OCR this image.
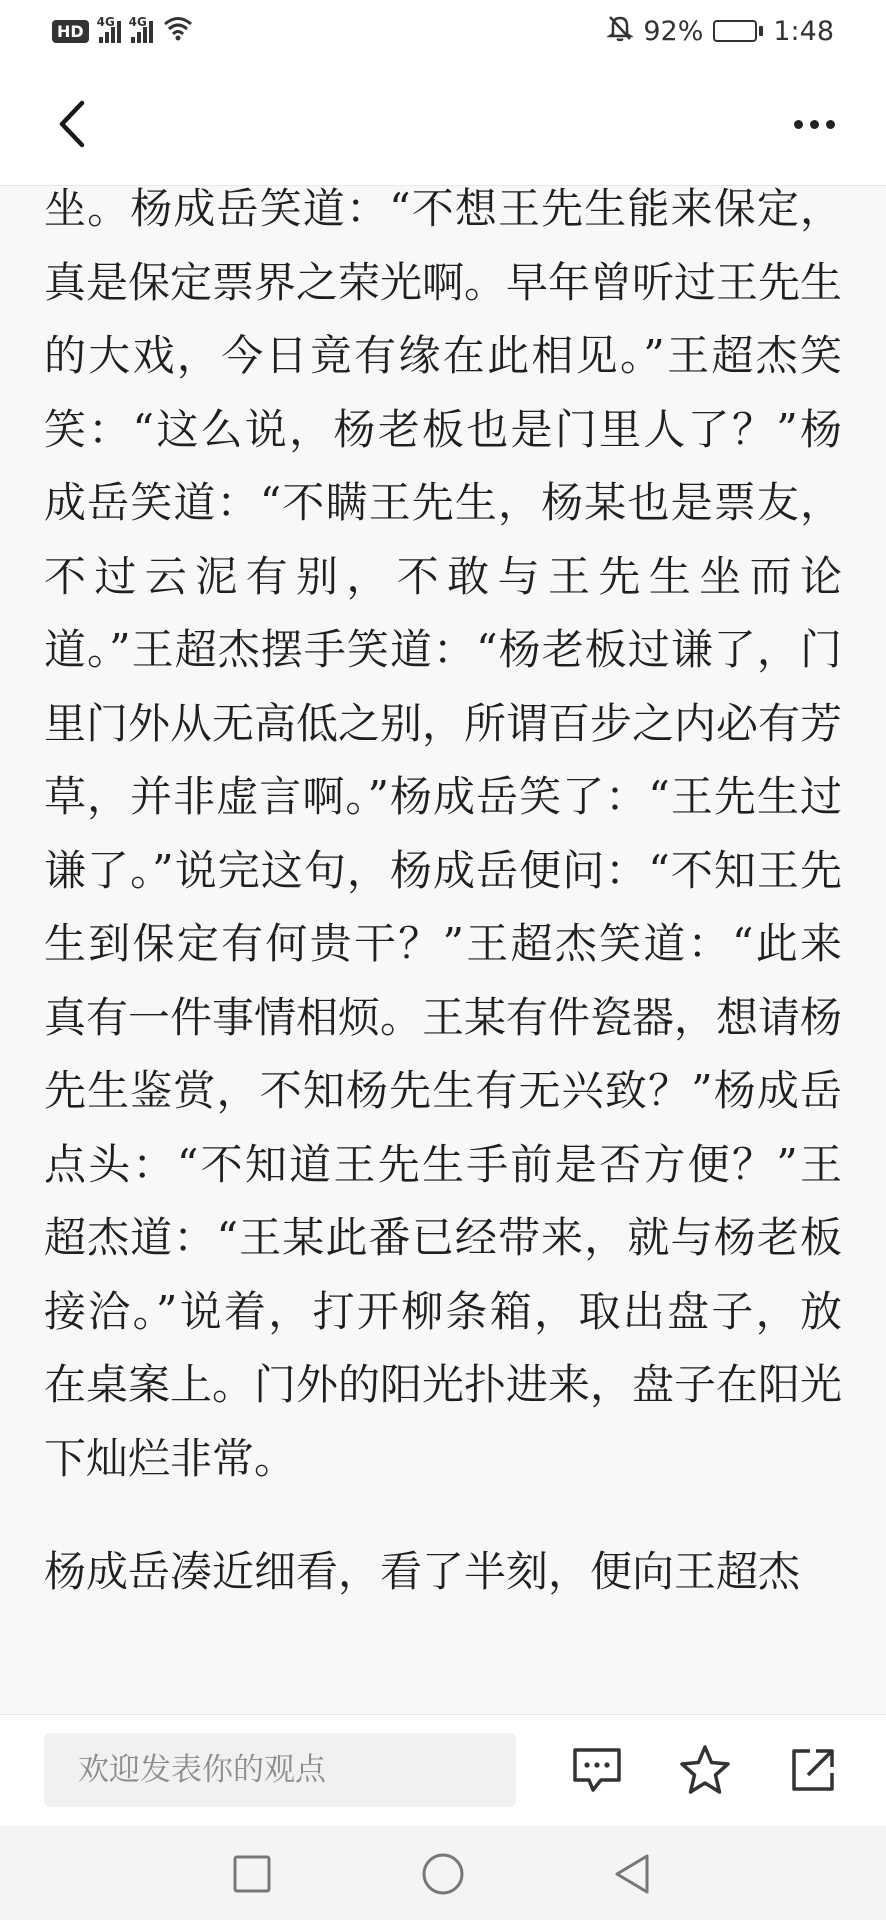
HD	4G 4G	92%	1:48

坐。杨成岳笑道：“不想王先生能来保定，真是保定票界之荣光啊。早年曾听过王先生的大戏，今日竟有缘在此相见。”王超杰笑笑：“这么说，杨老板也是门里人了？”杨成岳笑道：“不瞒王先生，杨某也是票友，不过云泥有别，不敢与王先生坐而论道。”王超杰摆手笑道：“杨老板过谦了，门里门外从无高低之别，所谓百步之内必有芳草，并非虚言啊。”杨成岳笑了：“王先生过谦了。”说完这句，杨成岳便问：“不知王先生到保定有何贵干？”王超杰笑道：“此来真有一件事情相烦。王某有件瓷器，想请杨先生鉴赏，不知杨先生有无兴致？”杨成岳点头：“不知道王先生手前是否方便？”王超杰道：“王某此番已经带来，就与杨老板接洽。”说着，打开柳条箱，取出盘子，放在桌案上。门外的阳光扑进来，盘子在阳光下灿烂非常。

杨成岳凑近细看，看了半刻，便向王超杰

欢迎发表你的观点
